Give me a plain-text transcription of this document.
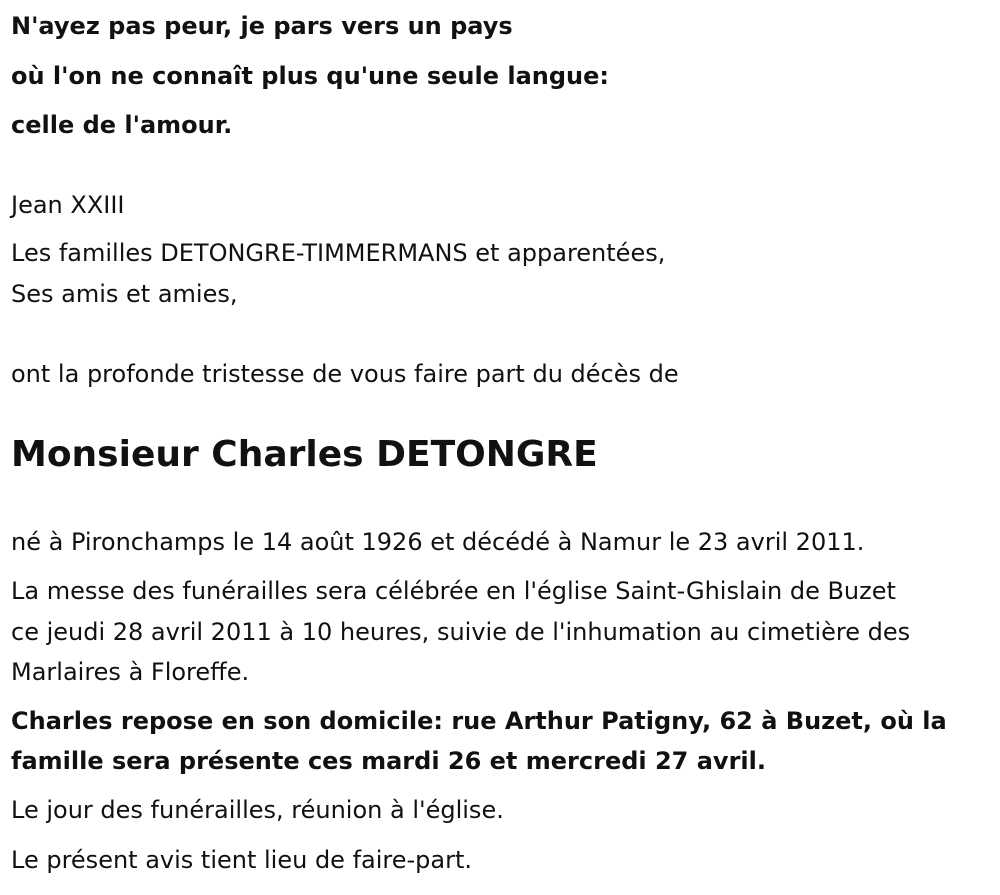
N'ayez pas peur, je pars vers un pays
où l'on ne connaît plus qu'une seule langue:
celle de l'amour.
Jean XXIII
Les familles DETONGRE-TIMMERMANS et apparentées,
Ses amis et amies,
ont la profonde tristesse de vous faire part du décès de
Monsieur Charles DETONGRE
né à Pironchamps le 14 août 1926 et décédé à Namur le 23 avril 2011.
La messe des funérailles sera célébrée en l'église Saint-Ghislain de Buzet
ce jeudi 28 avril 2011 à 10 heures, suivie de l'inhumation au cimetière des
Marlaires à Floreffe.
Charles repose en son domicile: rue Arthur Patigny, 62 à Buzet, où la
famille sera présente ces mardi 26 et mercredi 27 avril.
Le jour des funérailles, réunion à l'église.
Le présent avis tient lieu de faire-part.
